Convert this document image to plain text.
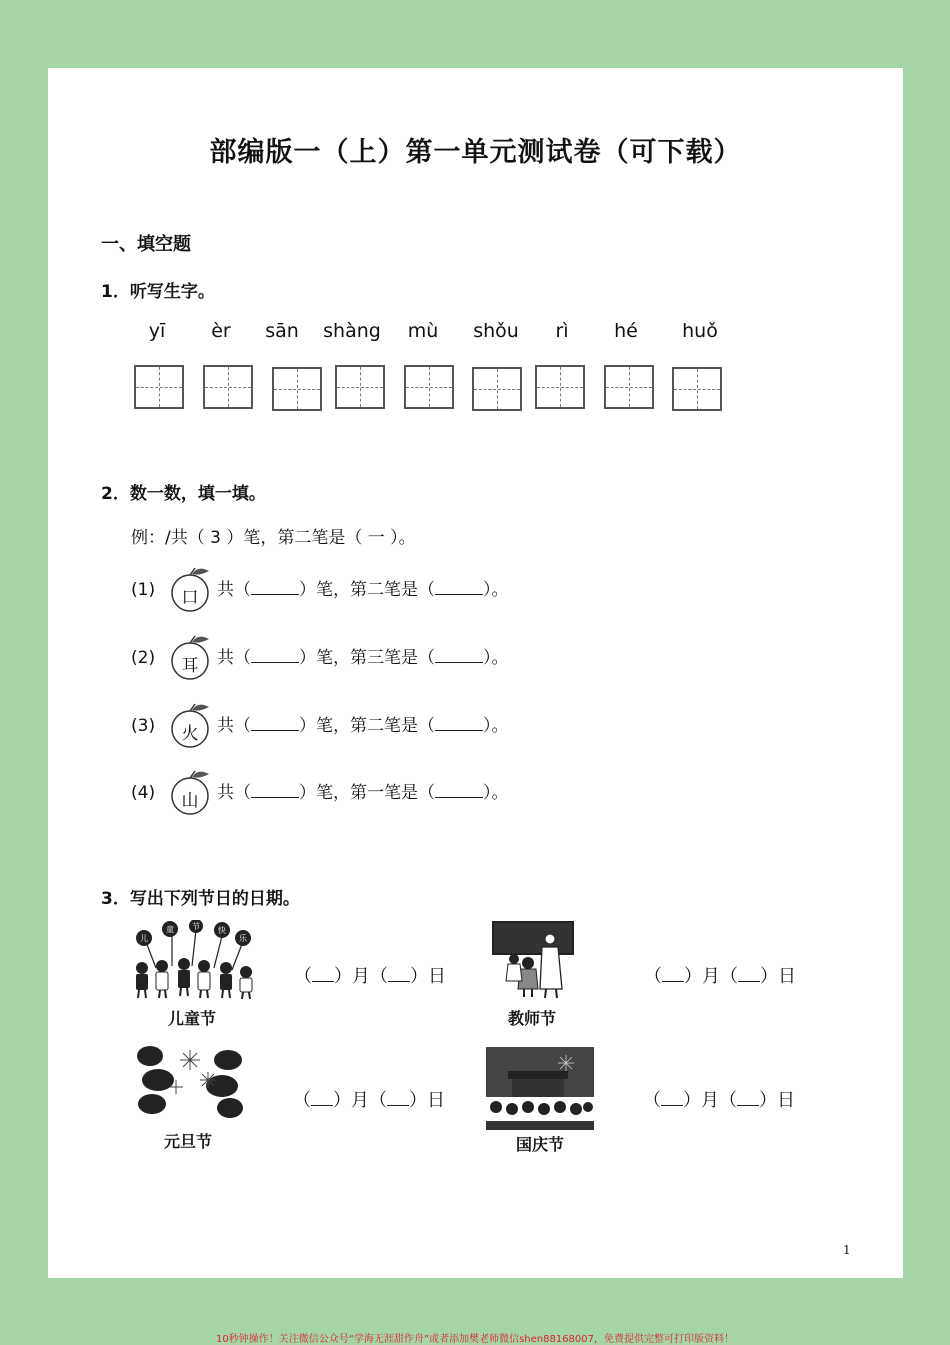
部编版一（上）第一单元测试卷（可下载）
一、填空题
1．听写生字。
yī	èr	sān	shàng	mù	shǒu	rì	hé	huǒ
2．数一数，填一填。
例：/共（ 3 ）笔，第二笔是（ 一 ）。
(1) 口 共（	）笔，第二笔是（	）。
(2) 耳 共（	）笔，第三笔是（	）。
(3) 火 共（	）笔，第二笔是（	）。
(4) 山 共（	）笔，第一笔是（	）。
3．写出下列节日的日期。
儿
童 节 快
乐
儿童节	教师节
元旦节	国庆节
（ ）月（ ）日	（ ）月（ ）日
（ ）月（ ）日	（ ）月（ ）日
1
10秒钟操作！关注微信公众号“学海无涯甜作舟”或者添加樊老师微信shen88168007，免费提供完整可打印版资料！
